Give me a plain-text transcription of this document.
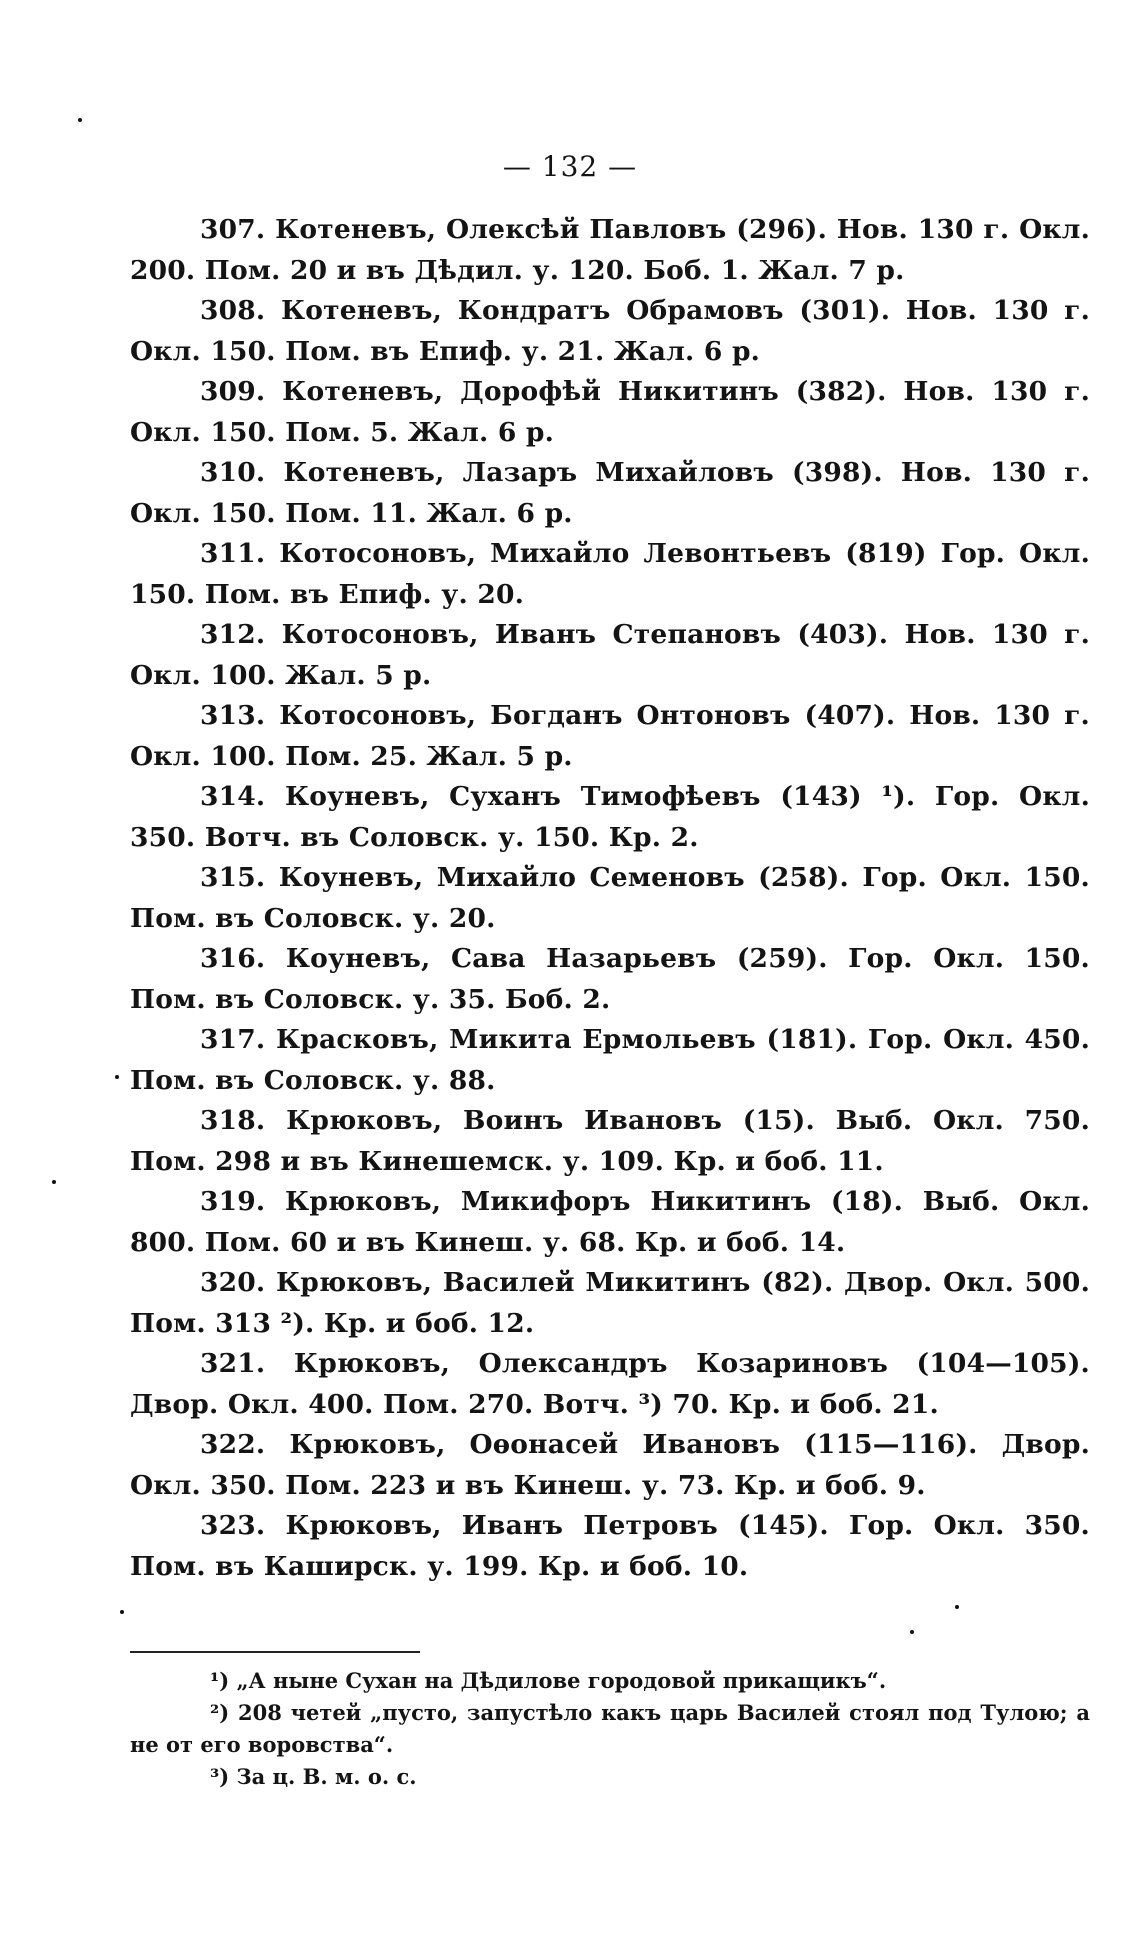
— 132 —

307. Котеневъ, Олексѣй Павловъ (296). Нов. 130 г. Окл. 200. Пом. 20 и въ Дѣдил. у. 120. Боб. 1. Жал. 7 р.

308. Котеневъ, Кондратъ Обрамовъ (301). Нов. 130 г. Окл. 150. Пом. въ Епиф. у. 21. Жал. 6 р.

309. Котеневъ, Дорофѣй Никитинъ (382). Нов. 130 г. Окл. 150. Пом. 5. Жал. 6 р.

310. Котеневъ, Лазаръ Михайловъ (398). Нов. 130 г. Окл. 150. Пом. 11. Жал. 6 р.

311. Котосоновъ, Михайло Левонтьевъ (819) Гор. Окл. 150. Пом. въ Епиф. у. 20.

312. Котосоновъ, Иванъ Степановъ (403). Нов. 130 г. Окл. 100. Жал. 5 р.

313. Котосоновъ, Богданъ Онтоновъ (407). Нов. 130 г. Окл. 100. Пом. 25. Жал. 5 р.

314. Коуневъ, Суханъ Тимофѣевъ (143) ¹). Гор. Окл. 350. Вотч. въ Соловск. у. 150. Кр. 2.

315. Коуневъ, Михайло Семеновъ (258). Гор. Окл. 150. Пом. въ Соловск. у. 20.

316. Коуневъ, Сава Назарьевъ (259). Гор. Окл. 150. Пом. въ Соловск. у. 35. Боб. 2.

317. Красковъ, Микита Ермольевъ (181). Гор. Окл. 450. Пом. въ Соловск. у. 88.

318. Крюковъ, Воинъ Ивановъ (15). Выб. Окл. 750. Пом. 298 и въ Кинешемск. у. 109. Кр. и боб. 11.

319. Крюковъ, Микифоръ Никитинъ (18). Выб. Окл. 800. Пом. 60 и въ Кинеш. у. 68. Кр. и боб. 14.

320. Крюковъ, Василей Микитинъ (82). Двор. Окл. 500. Пом. 313 ²). Кр. и боб. 12.

321. Крюковъ, Олександръ Козариновъ (104—105). Двор. Окл. 400. Пом. 270. Вотч. ³) 70. Кр. и боб. 21.

322. Крюковъ, Оѳонасей Ивановъ (115—116). Двор. Окл. 350. Пом. 223 и въ Кинеш. у. 73. Кр. и боб. 9.

323. Крюковъ, Иванъ Петровъ (145). Гор. Окл. 350. Пом. въ Каширск. у. 199. Кр. и боб. 10.

¹) „А ныне Сухан на Дѣдилове городовой прикащикъ“.

²) 208 четей „пусто, запустѣло какъ царь Василей стоял под Тулою; а не от его воровства“.

³) За ц. В. м. о. с.
